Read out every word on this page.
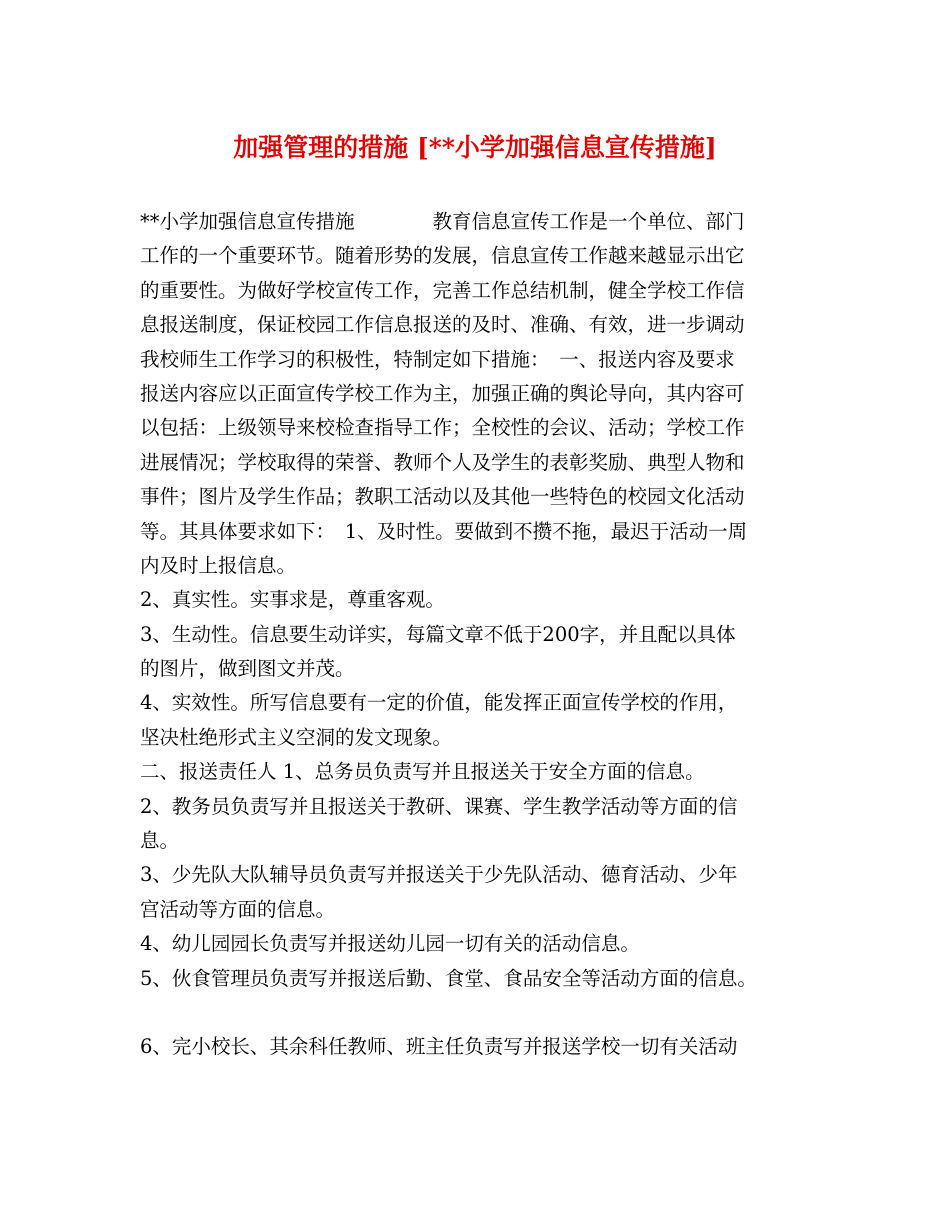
加强管理的措施 [**小学加强信息宣传措施]
**小学加强信息宣传措施　　　　教育信息宣传工作是一个单位、部门
工作的一个重要环节。随着形势的发展，信息宣传工作越来越显示出它
的重要性。为做好学校宣传工作，完善工作总结机制，健全学校工作信
息报送制度，保证校园工作信息报送的及时、准确、有效，进一步调动
我校师生工作学习的积极性，特制定如下措施：　一、报送内容及要求
报送内容应以正面宣传学校工作为主，加强正确的舆论导向，其内容可
以包括：上级领导来校检查指导工作；全校性的会议、活动；学校工作
进展情况；学校取得的荣誉、教师个人及学生的表彰奖励、典型人物和
事件；图片及学生作品；教职工活动以及其他一些特色的校园文化活动
等。其具体要求如下：　1、及时性。要做到不攒不拖，最迟于活动一周
内及时上报信息。
2、真实性。实事求是，尊重客观。
3、生动性。信息要生动详实，每篇文章不低于200字，并且配以具体
的图片，做到图文并茂。
4、实效性。所写信息要有一定的价值，能发挥正面宣传学校的作用，
坚决杜绝形式主义空洞的发文现象。
二、报送责任人 1、总务员负责写并且报送关于安全方面的信息。
2、教务员负责写并且报送关于教研、课赛、学生教学活动等方面的信
息。
3、少先队大队辅导员负责写并报送关于少先队活动、德育活动、少年
宫活动等方面的信息。
4、幼儿园园长负责写并报送幼儿园一切有关的活动信息。
5、伙食管理员负责写并报送后勤、食堂、食品安全等活动方面的信息。
6、完小校长、其余科任教师、班主任负责写并报送学校一切有关活动
